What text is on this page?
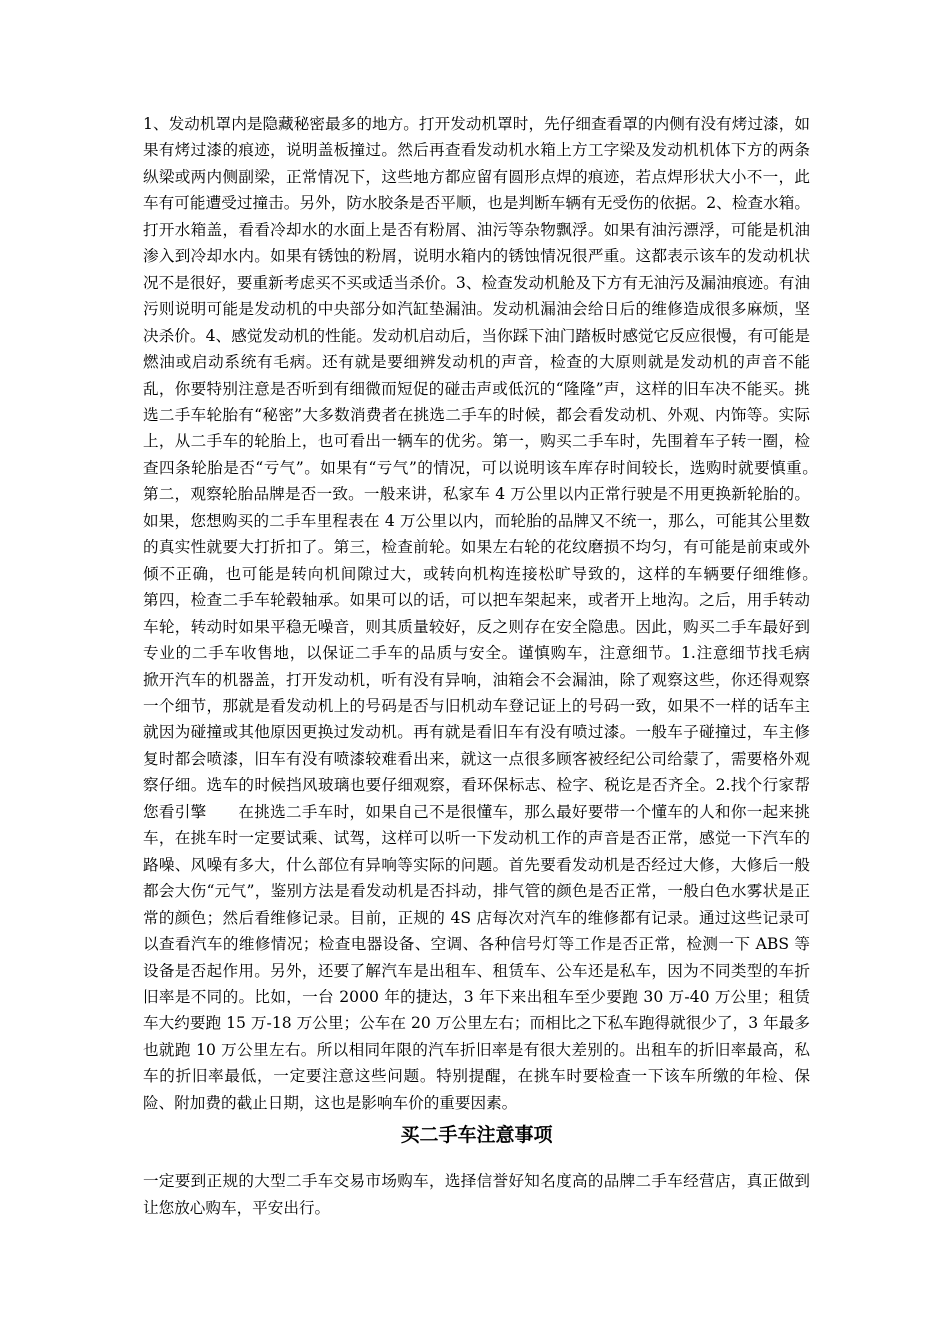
1、发动机罩内是隐藏秘密最多的地方。打开发动机罩时，先仔细查看罩的内侧有没有烤过漆，如果有烤过漆的痕迹，说明盖板撞过。然后再查看发动机水箱上方工字梁及发动机机体下方的两条纵梁或两内侧副梁，正常情况下，这些地方都应留有圆形点焊的痕迹，若点焊形状大小不一，此车有可能遭受过撞击。另外，防水胶条是否平顺，也是判断车辆有无受伤的依据。2、检查水箱。打开水箱盖，看看冷却水的水面上是否有粉屑、油污等杂物飘浮。如果有油污漂浮，可能是机油渗入到冷却水内。如果有锈蚀的粉屑，说明水箱内的锈蚀情况很严重。这都表示该车的发动机状况不是很好，要重新考虑买不买或适当杀价。3、检查发动机舱及下方有无油污及漏油痕迹。有油污则说明可能是发动机的中央部分如汽缸垫漏油。发动机漏油会给日后的维修造成很多麻烦，坚决杀价。4、感觉发动机的性能。发动机启动后，当你踩下油门踏板时感觉它反应很慢，有可能是燃油或启动系统有毛病。还有就是要细辨发动机的声音，检查的大原则就是发动机的声音不能乱，你要特别注意是否听到有细微而短促的碰击声或低沉的“隆隆”声，这样的旧车决不能买。挑选二手车轮胎有“秘密”大多数消费者在挑选二手车的时候，都会看发动机、外观、内饰等。实际上，从二手车的轮胎上，也可看出一辆车的优劣。第一，购买二手车时，先围着车子转一圈，检查四条轮胎是否“亏气”。如果有“亏气”的情况，可以说明该车库存时间较长，选购时就要慎重。　　第二，观察轮胎品牌是否一致。一般来讲，私家车 4 万公里以内正常行驶是不用更换新轮胎的。如果，您想购买的二手车里程表在 4 万公里以内，而轮胎的品牌又不统一，那么，可能其公里数的真实性就要大打折扣了。第三，检查前轮。如果左右轮的花纹磨损不均匀，有可能是前束或外倾不正确，也可能是转向机间隙过大，或转向机构连接松旷导致的，这样的车辆要仔细维修。　　第四，检查二手车轮毂轴承。如果可以的话，可以把车架起来，或者开上地沟。之后，用手转动车轮，转动时如果平稳无噪音，则其质量较好，反之则存在安全隐患。因此，购买二手车最好到专业的二手车收售地，以保证二手车的品质与安全。谨慎购车，注意细节。1.注意细节找毛病　　掀开汽车的机器盖，打开发动机，听有没有异响，油箱会不会漏油，除了观察这些，你还得观察一个细节，那就是看发动机上的号码是否与旧机动车登记证上的号码一致，如果不一样的话车主就因为碰撞或其他原因更换过发动机。再有就是看旧车有没有喷过漆。一般车子碰撞过，车主修复时都会喷漆，旧车有没有喷漆较难看出来，就这一点很多顾客被经纪公司给蒙了，需要格外观察仔细。选车的时候挡风玻璃也要仔细观察，看环保标志、检字、税讫是否齐全。2.找个行家帮您看引擎　　在挑选二手车时，如果自己不是很懂车，那么最好要带一个懂车的人和你一起来挑车，在挑车时一定要试乘、试驾，这样可以听一下发动机工作的声音是否正常，感觉一下汽车的路噪、风噪有多大，什么部位有异响等实际的问题。首先要看发动机是否经过大修，大修后一般都会大伤“元气”，鉴别方法是看发动机是否抖动，排气管的颜色是否正常，一般白色水雾状是正常的颜色；然后看维修记录。目前，正规的 4S 店每次对汽车的维修都有记录。通过这些记录可以查看汽车的维修情况；检查电器设备、空调、各种信号灯等工作是否正常，检测一下 ABS 等设备是否起作用。另外，还要了解汽车是出租车、租赁车、公车还是私车，因为不同类型的车折旧率是不同的。比如，一台 2000 年的捷达，3 年下来出租车至少要跑 30 万-40 万公里；租赁车大约要跑 15 万-18 万公里；公车在 20 万公里左右；而相比之下私车跑得就很少了，3 年最多也就跑 10 万公里左右。所以相同年限的汽车折旧率是有很大差别的。出租车的折旧率最高，私车的折旧率最低，一定要注意这些问题。特别提醒，在挑车时要检查一下该车所缴的年检、保险、附加费的截止日期，这也是影响车价的重要因素。

买二手车注意事项

一定要到正规的大型二手车交易市场购车，选择信誉好知名度高的品牌二手车经营店，真正做到让您放心购车，平安出行。
